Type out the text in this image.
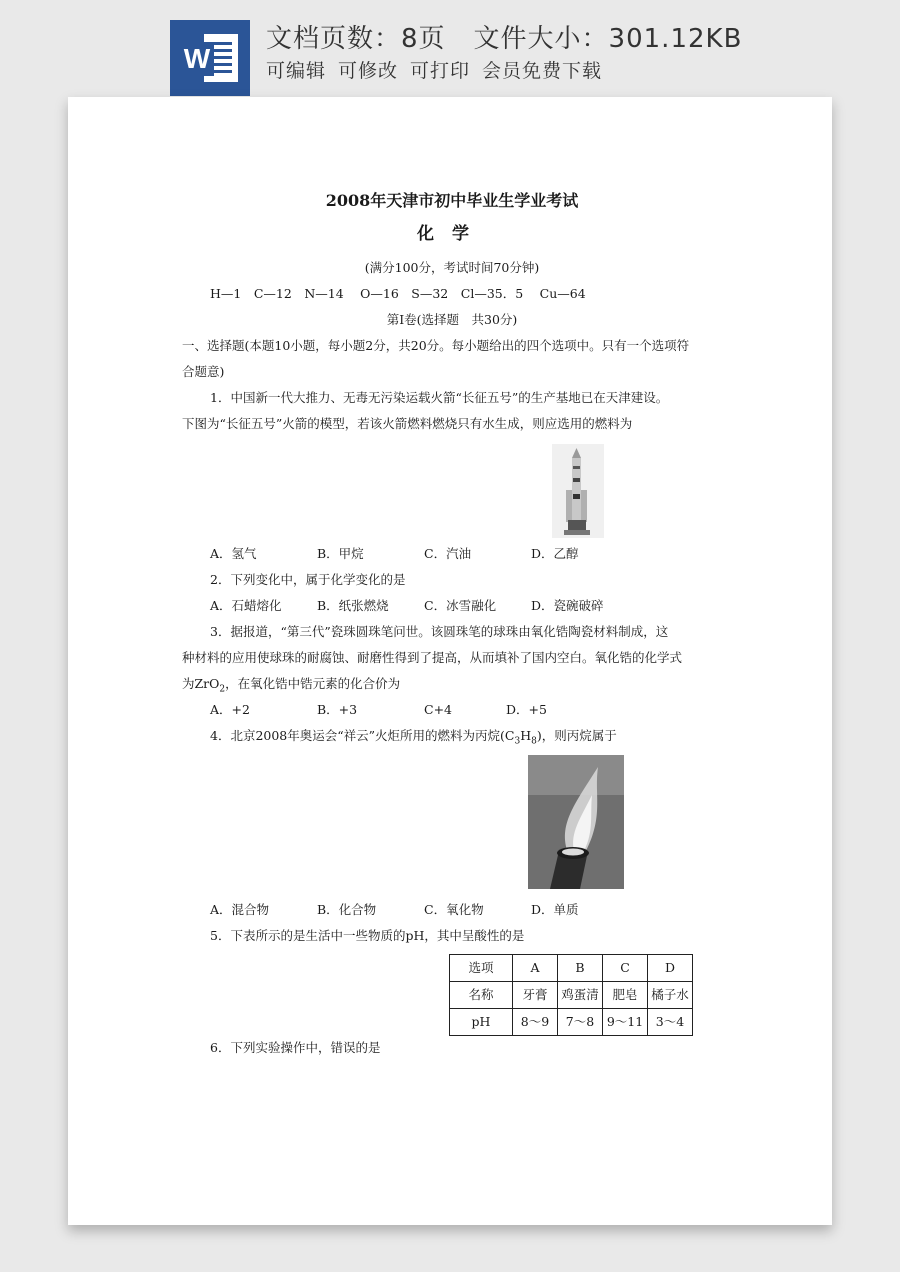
W
文档页数：8页 文件大小：301.12KB
可编辑 可修改 可打印 会员免费下载
2008年天津市初中毕业生学业考试
化学
(满分100分，考试时间70分钟)
H—1　C—12　N—14　 O—16　S—32　Cl—35．5　 Cu—64
第Ⅰ卷(选择题　共30分)
一、选择题(本题10小题，每小题2分，共20分。每小题给出的四个选项中。只有一个选项符
合题意)
1．中国新一代大推力、无毒无污染运载火箭“长征五号”的生产基地已在天津建设。
下图为“长征五号”火箭的模型，若该火箭燃料燃烧只有水生成，则应选用的燃料为
A．氢气	B．甲烷	C．汽油	D．乙醇
2．下列变化中，属于化学变化的是
A．石蜡熔化	B．纸张燃烧	C．冰雪融化	D．瓷碗破碎
3．据报道，“第三代”瓷珠圆珠笔问世。该圆珠笔的球珠由氧化锆陶瓷材料制成，这
种材料的应用使球珠的耐腐蚀、耐磨性得到了提高，从而填补了国内空白。氧化锆的化学式
为ZrO$_2$，在氧化锆中锆元素的化合价为
A．+2	B．+3	C+4	D．+5
4．北京2008年奥运会“祥云”火炬所用的燃料为丙烷$(C_3H_8)$，则丙烷属于
A．混合物	B．化合物	C．氧化物	D．单质
5．下表所示的是生活中一些物质的pH，其中呈酸性的是
选项	A	B	C	D
名称	牙膏	鸡蛋清	肥皂	橘子水
pH	8～9	7～8	9～11	3～4
6．下列实验操作中，错误的是
